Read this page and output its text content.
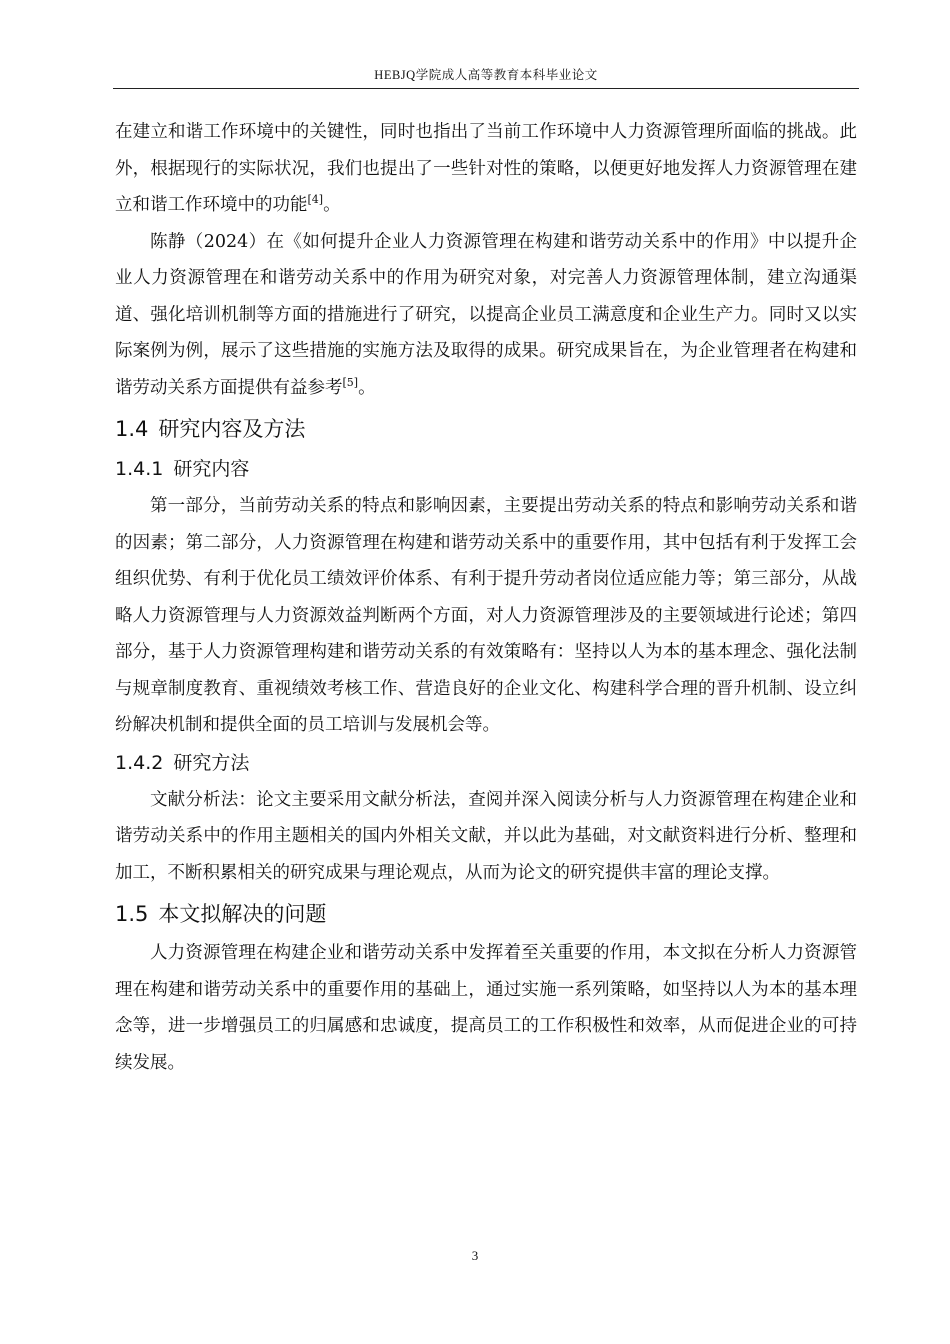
HEBJQ学院成人高等教育本科毕业论文

在建立和谐工作环境中的关键性，同时也指出了当前工作环境中人力资源管理所面临的挑战。此外，根据现行的实际状况，我们也提出了一些针对性的策略，以便更好地发挥人力资源管理在建立和谐工作环境中的功能[4]。

陈静（2024）在《如何提升企业人力资源管理在构建和谐劳动关系中的作用》中以提升企业人力资源管理在和谐劳动关系中的作用为研究对象，对完善人力资源管理体制，建立沟通渠道、强化培训机制等方面的措施进行了研究，以提高企业员工满意度和企业生产力。同时又以实际案例为例，展示了这些措施的实施方法及取得的成果。研究成果旨在，为企业管理者在构建和谐劳动关系方面提供有益参考[5]。

1.4 研究内容及方法
1.4.1 研究内容

第一部分，当前劳动关系的特点和影响因素，主要提出劳动关系的特点和影响劳动关系和谐的因素；第二部分，人力资源管理在构建和谐劳动关系中的重要作用，其中包括有利于发挥工会组织优势、有利于优化员工绩效评价体系、有利于提升劳动者岗位适应能力等；第三部分，从战略人力资源管理与人力资源效益判断两个方面，对人力资源管理涉及的主要领域进行论述；第四部分，基于人力资源管理构建和谐劳动关系的有效策略有：坚持以人为本的基本理念、强化法制与规章制度教育、重视绩效考核工作、营造良好的企业文化、构建科学合理的晋升机制、设立纠纷解决机制和提供全面的员工培训与发展机会等。

1.4.2 研究方法

文献分析法：论文主要采用文献分析法，查阅并深入阅读分析与人力资源管理在构建企业和谐劳动关系中的作用主题相关的国内外相关文献，并以此为基础，对文献资料进行分析、整理和加工，不断积累相关的研究成果与理论观点，从而为论文的研究提供丰富的理论支撑。

1.5 本文拟解决的问题

人力资源管理在构建企业和谐劳动关系中发挥着至关重要的作用，本文拟在分析人力资源管理在构建和谐劳动关系中的重要作用的基础上，通过实施一系列策略，如坚持以人为本的基本理念等，进一步增强员工的归属感和忠诚度，提高员工的工作积极性和效率，从而促进企业的可持续发展。

3
